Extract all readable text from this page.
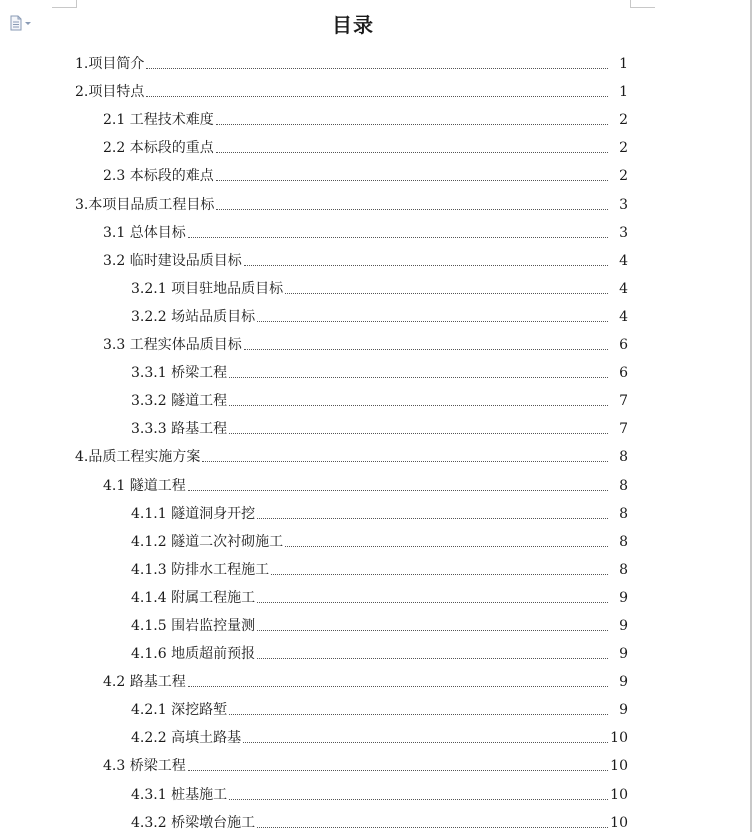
目录
1.项目简介	1
2.项目特点	1
2.1 工程技术难度	2
2.2 本标段的重点	2
2.3 本标段的难点	2
3.本项目品质工程目标	3
3.1 总体目标	3
3.2 临时建设品质目标	4
3.2.1 项目驻地品质目标	4
3.2.2 场站品质目标	4
3.3 工程实体品质目标	6
3.3.1 桥梁工程	6
3.3.2 隧道工程	7
3.3.3 路基工程	7
4.品质工程实施方案	8
4.1 隧道工程	8
4.1.1 隧道洞身开挖	8
4.1.2 隧道二次衬砌施工	8
4.1.3 防排水工程施工	8
4.1.4 附属工程施工	9
4.1.5 围岩监控量测	9
4.1.6 地质超前预报	9
4.2 路基工程	9
4.2.1 深挖路堑	9
4.2.2 高填土路基	10
4.3 桥梁工程	10
4.3.1 桩基施工	10
4.3.2 桥梁墩台施工	10
